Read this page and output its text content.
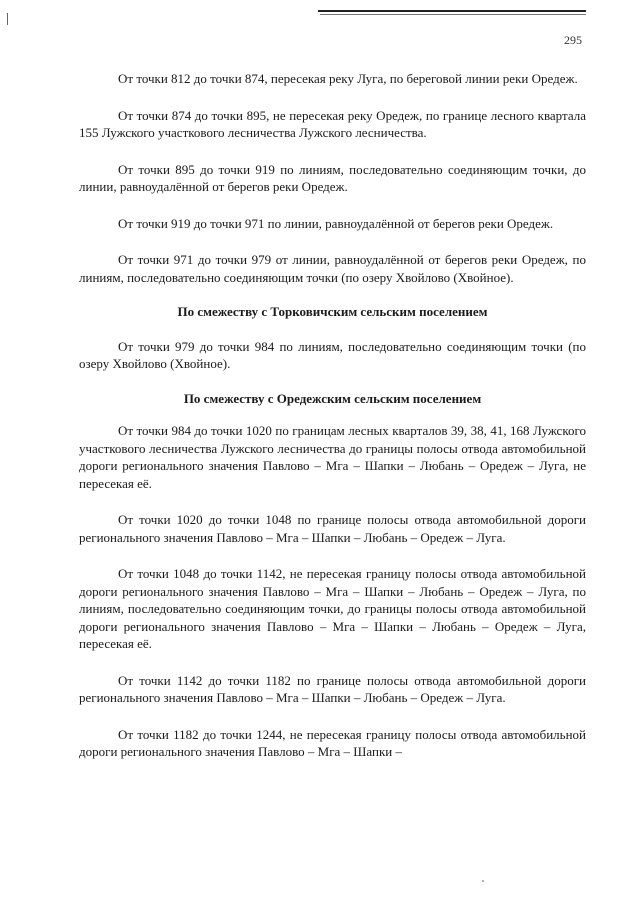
295

От точки 812 до точки 874, пересекая реку Луга, по береговой линии реки Оредеж.

От точки 874 до точки 895, не пересекая реку Оредеж, по границе лесного квартала 155 Лужского участкового лесничества Лужского лесничества.

От точки 895 до точки 919 по линиям, последовательно соединяющим точки, до линии, равноудалённой от берегов реки Оредеж.

От точки 919 до точки 971 по линии, равноудалённой от берегов реки Оредеж.

От точки 971 до точки 979 от линии, равноудалённой от берегов реки Оредеж, по линиям, последовательно соединяющим точки (по озеру Хвойлово (Хвойное).

По смежеству с Торковичским сельским поселением

От точки 979 до точки 984 по линиям, последовательно соединяющим точки (по озеру Хвойлово (Хвойное).

По смежеству с Оредежским сельским поселением

От точки 984 до точки 1020 по границам лесных кварталов 39, 38, 41, 168 Лужского участкового лесничества Лужского лесничества до границы полосы отвода автомобильной дороги регионального значения Павлово – Мга – Шапки – Любань – Оредеж – Луга, не пересекая её.

От точки 1020 до точки 1048 по границе полосы отвода автомобильной дороги регионального значения Павлово – Мга – Шапки – Любань – Оредеж – Луга.

От точки 1048 до точки 1142, не пересекая границу полосы отвода автомобильной дороги регионального значения Павлово – Мга – Шапки – Любань – Оредеж – Луга, по линиям, последовательно соединяющим точки, до границы полосы отвода автомобильной дороги регионального значения Павлово – Мга – Шапки – Любань – Оредеж – Луга, пересекая её.

От точки 1142 до точки 1182 по границе полосы отвода автомобильной дороги регионального значения Павлово – Мга – Шапки – Любань – Оредеж – Луга.

От точки 1182 до точки 1244, не пересекая границу полосы отвода автомобильной дороги регионального значения Павлово – Мга – Шапки –
